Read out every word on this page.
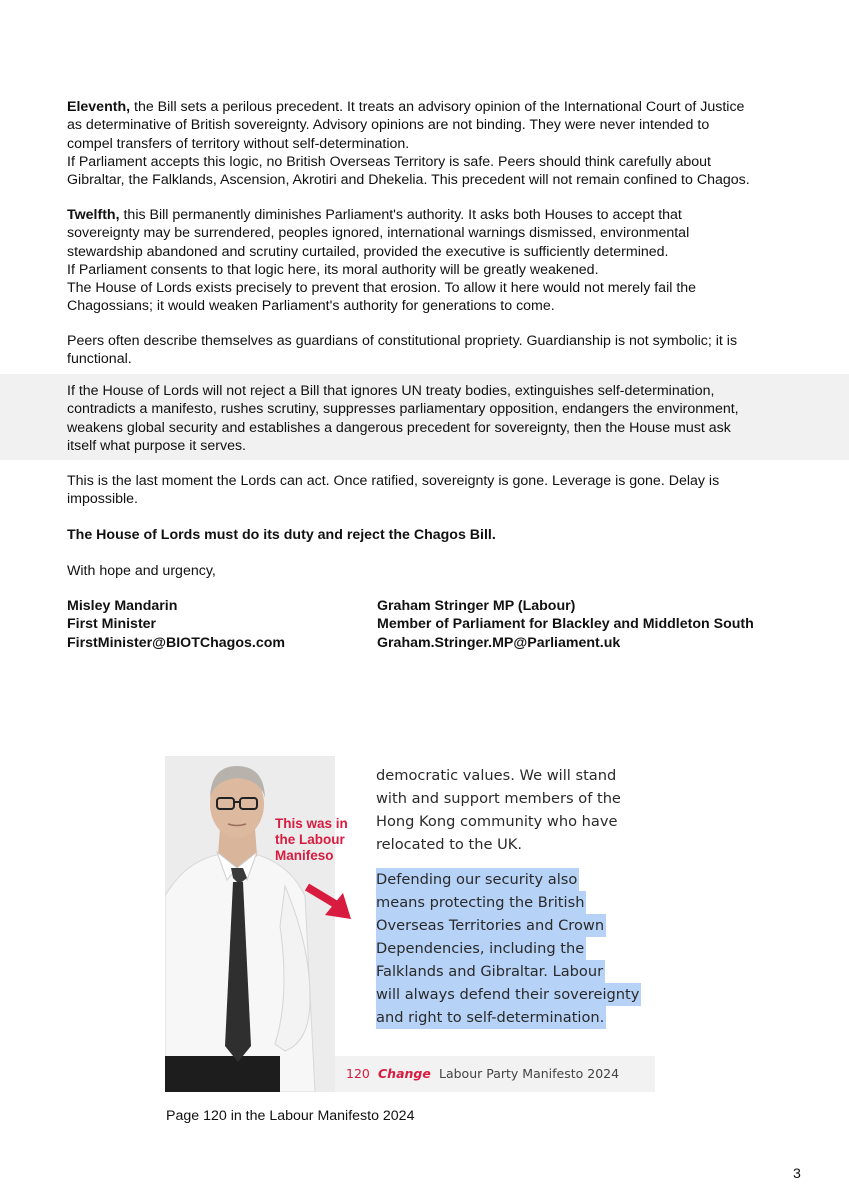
Eleventh, the Bill sets a perilous precedent. It treats an advisory opinion of the International Court of Justice
as determinative of British sovereignty. Advisory opinions are not binding. They were never intended to
compel transfers of territory without self-determination.
If Parliament accepts this logic, no British Overseas Territory is safe. Peers should think carefully about
Gibraltar, the Falklands, Ascension, Akrotiri and Dhekelia. This precedent will not remain confined to Chagos.

Twelfth, this Bill permanently diminishes Parliament's authority. It asks both Houses to accept that
sovereignty may be surrendered, peoples ignored, international warnings dismissed, environmental
stewardship abandoned and scrutiny curtailed, provided the executive is sufficiently determined.
If Parliament consents to that logic here, its moral authority will be greatly weakened.
The House of Lords exists precisely to prevent that erosion. To allow it here would not merely fail the
Chagossians; it would weaken Parliament's authority for generations to come.

Peers often describe themselves as guardians of constitutional propriety. Guardianship is not symbolic; it is
functional.

If the House of Lords will not reject a Bill that ignores UN treaty bodies, extinguishes self-determination,
contradicts a manifesto, rushes scrutiny, suppresses parliamentary opposition, endangers the environment,
weakens global security and establishes a dangerous precedent for sovereignty, then the House must ask
itself what purpose it serves.

This is the last moment the Lords can act. Once ratified, sovereignty is gone. Leverage is gone. Delay is
impossible.

The House of Lords must do its duty and reject the Chagos Bill.

With hope and urgency,

Misley Mandarin
First Minister
FirstMinister@BIOTChagos.com
Graham Stringer MP (Labour)
Member of Parliament for Blackley and Middleton South
Graham.Stringer.MP@Parliament.uk
This was in
the Labour
Manifeso
democratic values. We will stand
with and support members of the
Hong Kong community who have
relocated to the UK.
Defending our security also
means protecting the British
Overseas Territories and Crown
Dependencies, including the
Falklands and Gibraltar. Labour
will always defend their sovereignty
and right to self-determination.
120 Change Labour Party Manifesto 2024
Page 120 in the Labour Manifesto 2024
3
